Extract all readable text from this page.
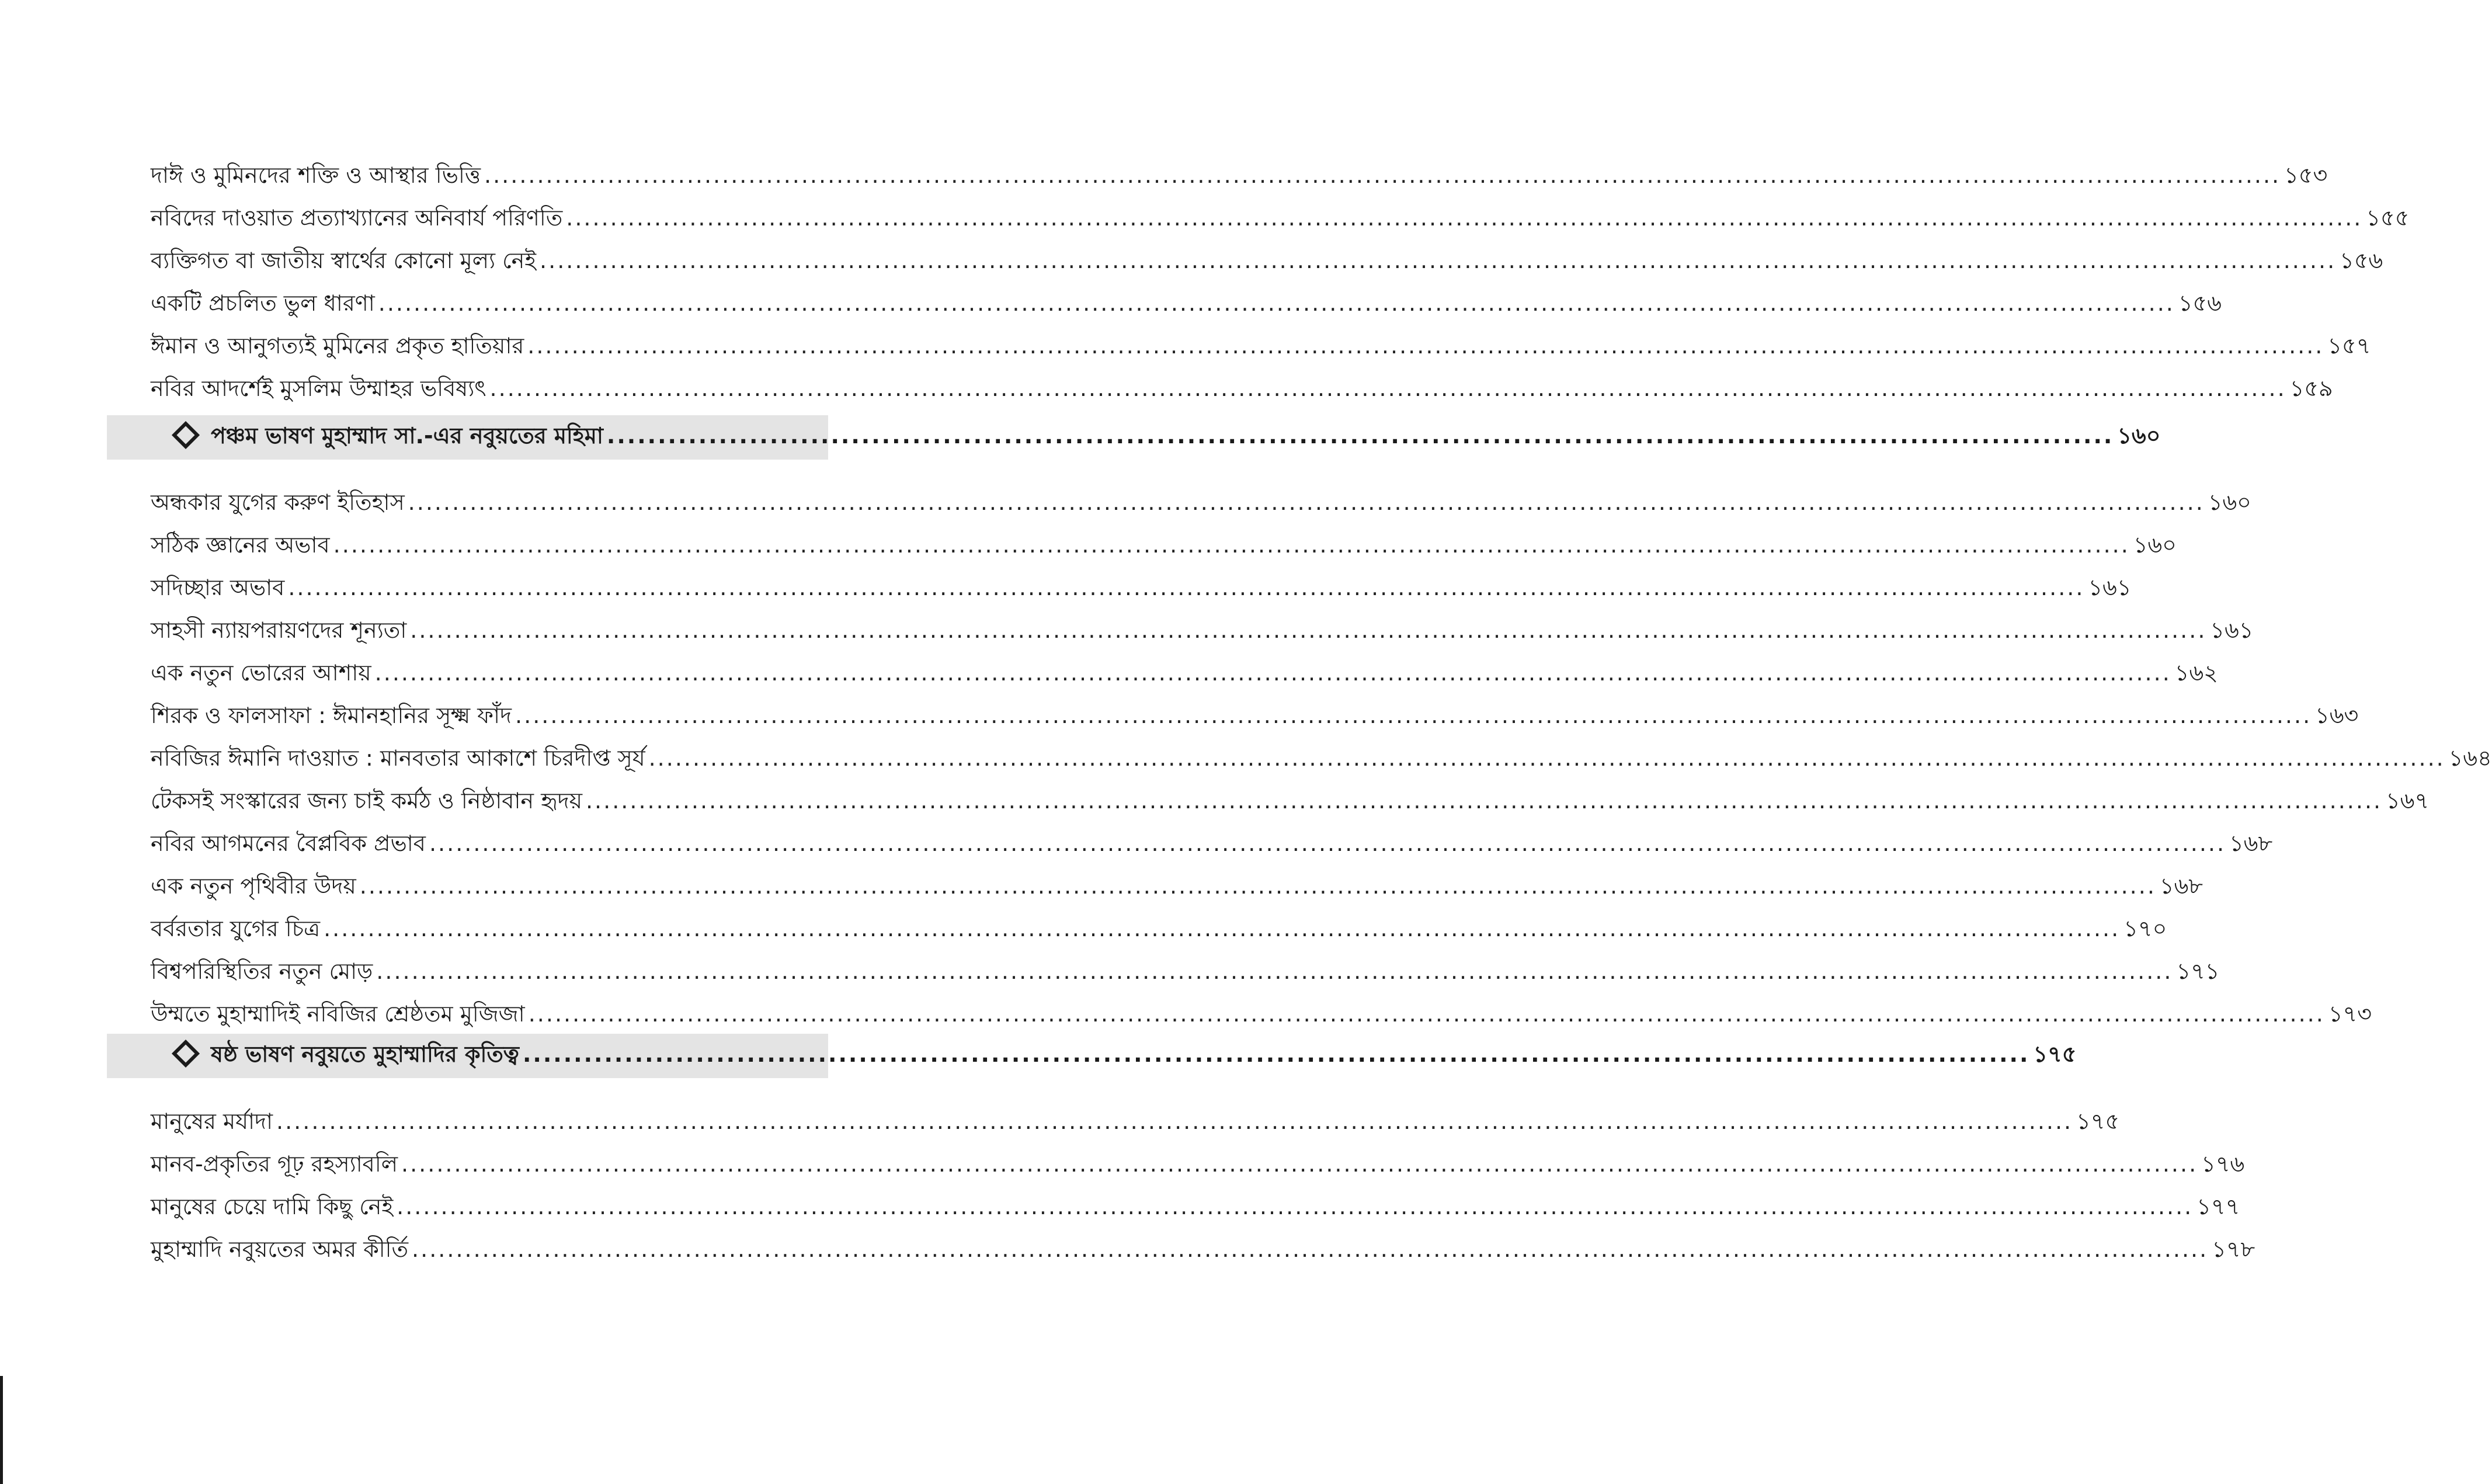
দাঈ ও মুমিনদের শক্তি ও আস্থার ভিত্তি .....	১৫৩
নবিদের দাওয়াত প্রত্যাখ্যানের অনিবার্য পরিণতি .....	১৫৫
ব্যক্তিগত বা জাতীয় স্বার্থের কোনো মূল্য নেই .....	১৫৬
একটি প্রচলিত ভুল ধারণা .....	১৫৬
ঈমান ও আনুগত্যই মুমিনের প্রকৃত হাতিয়ার .....	১৫৭
নবির আদর্শেই মুসলিম উম্মাহর ভবিষ্যৎ .....	১৫৯
পঞ্চম ভাষণ মুহাম্মাদ সা.-এর নবুয়তের মহিমা .....	১৬০
অন্ধকার যুগের করুণ ইতিহাস .....	১৬০
সঠিক জ্ঞানের অভাব .....	১৬০
সদিচ্ছার অভাব .....	১৬১
সাহসী ন্যায়পরায়ণদের শূন্যতা .....	১৬১
এক নতুন ভোরের আশায় .....	১৬২
শিরক ও ফালসাফা : ঈমানহানির সূক্ষ্ম ফাঁদ .....	১৬৩
নবিজির ঈমানি দাওয়াত : মানবতার আকাশে চিরদীপ্ত সূর্য .....	১৬৪
টেকসই সংস্কারের জন্য চাই কর্মঠ ও নিষ্ঠাবান হৃদয় .....	১৬৭
নবির আগমনের বৈপ্লবিক প্রভাব .....	১৬৮
এক নতুন পৃথিবীর উদয় .....	১৬৮
বর্বরতার যুগের চিত্র .....	১৭০
বিশ্বপরিস্থিতির নতুন মোড় .....	১৭১
উম্মতে মুহাম্মাদিই নবিজির শ্রেষ্ঠতম মুজিজা .....	১৭৩
ষষ্ঠ ভাষণ নবুয়তে মুহাম্মাদির কৃতিত্ব .....	১৭৫
মানুষের মর্যাদা .....	১৭৫
মানব-প্রকৃতির গূঢ় রহস্যাবলি .....	১৭৬
মানুষের চেয়ে দামি কিছু নেই .....	১৭৭
মুহাম্মাদি নবুয়তের অমর কীর্তি .....	১৭৮
